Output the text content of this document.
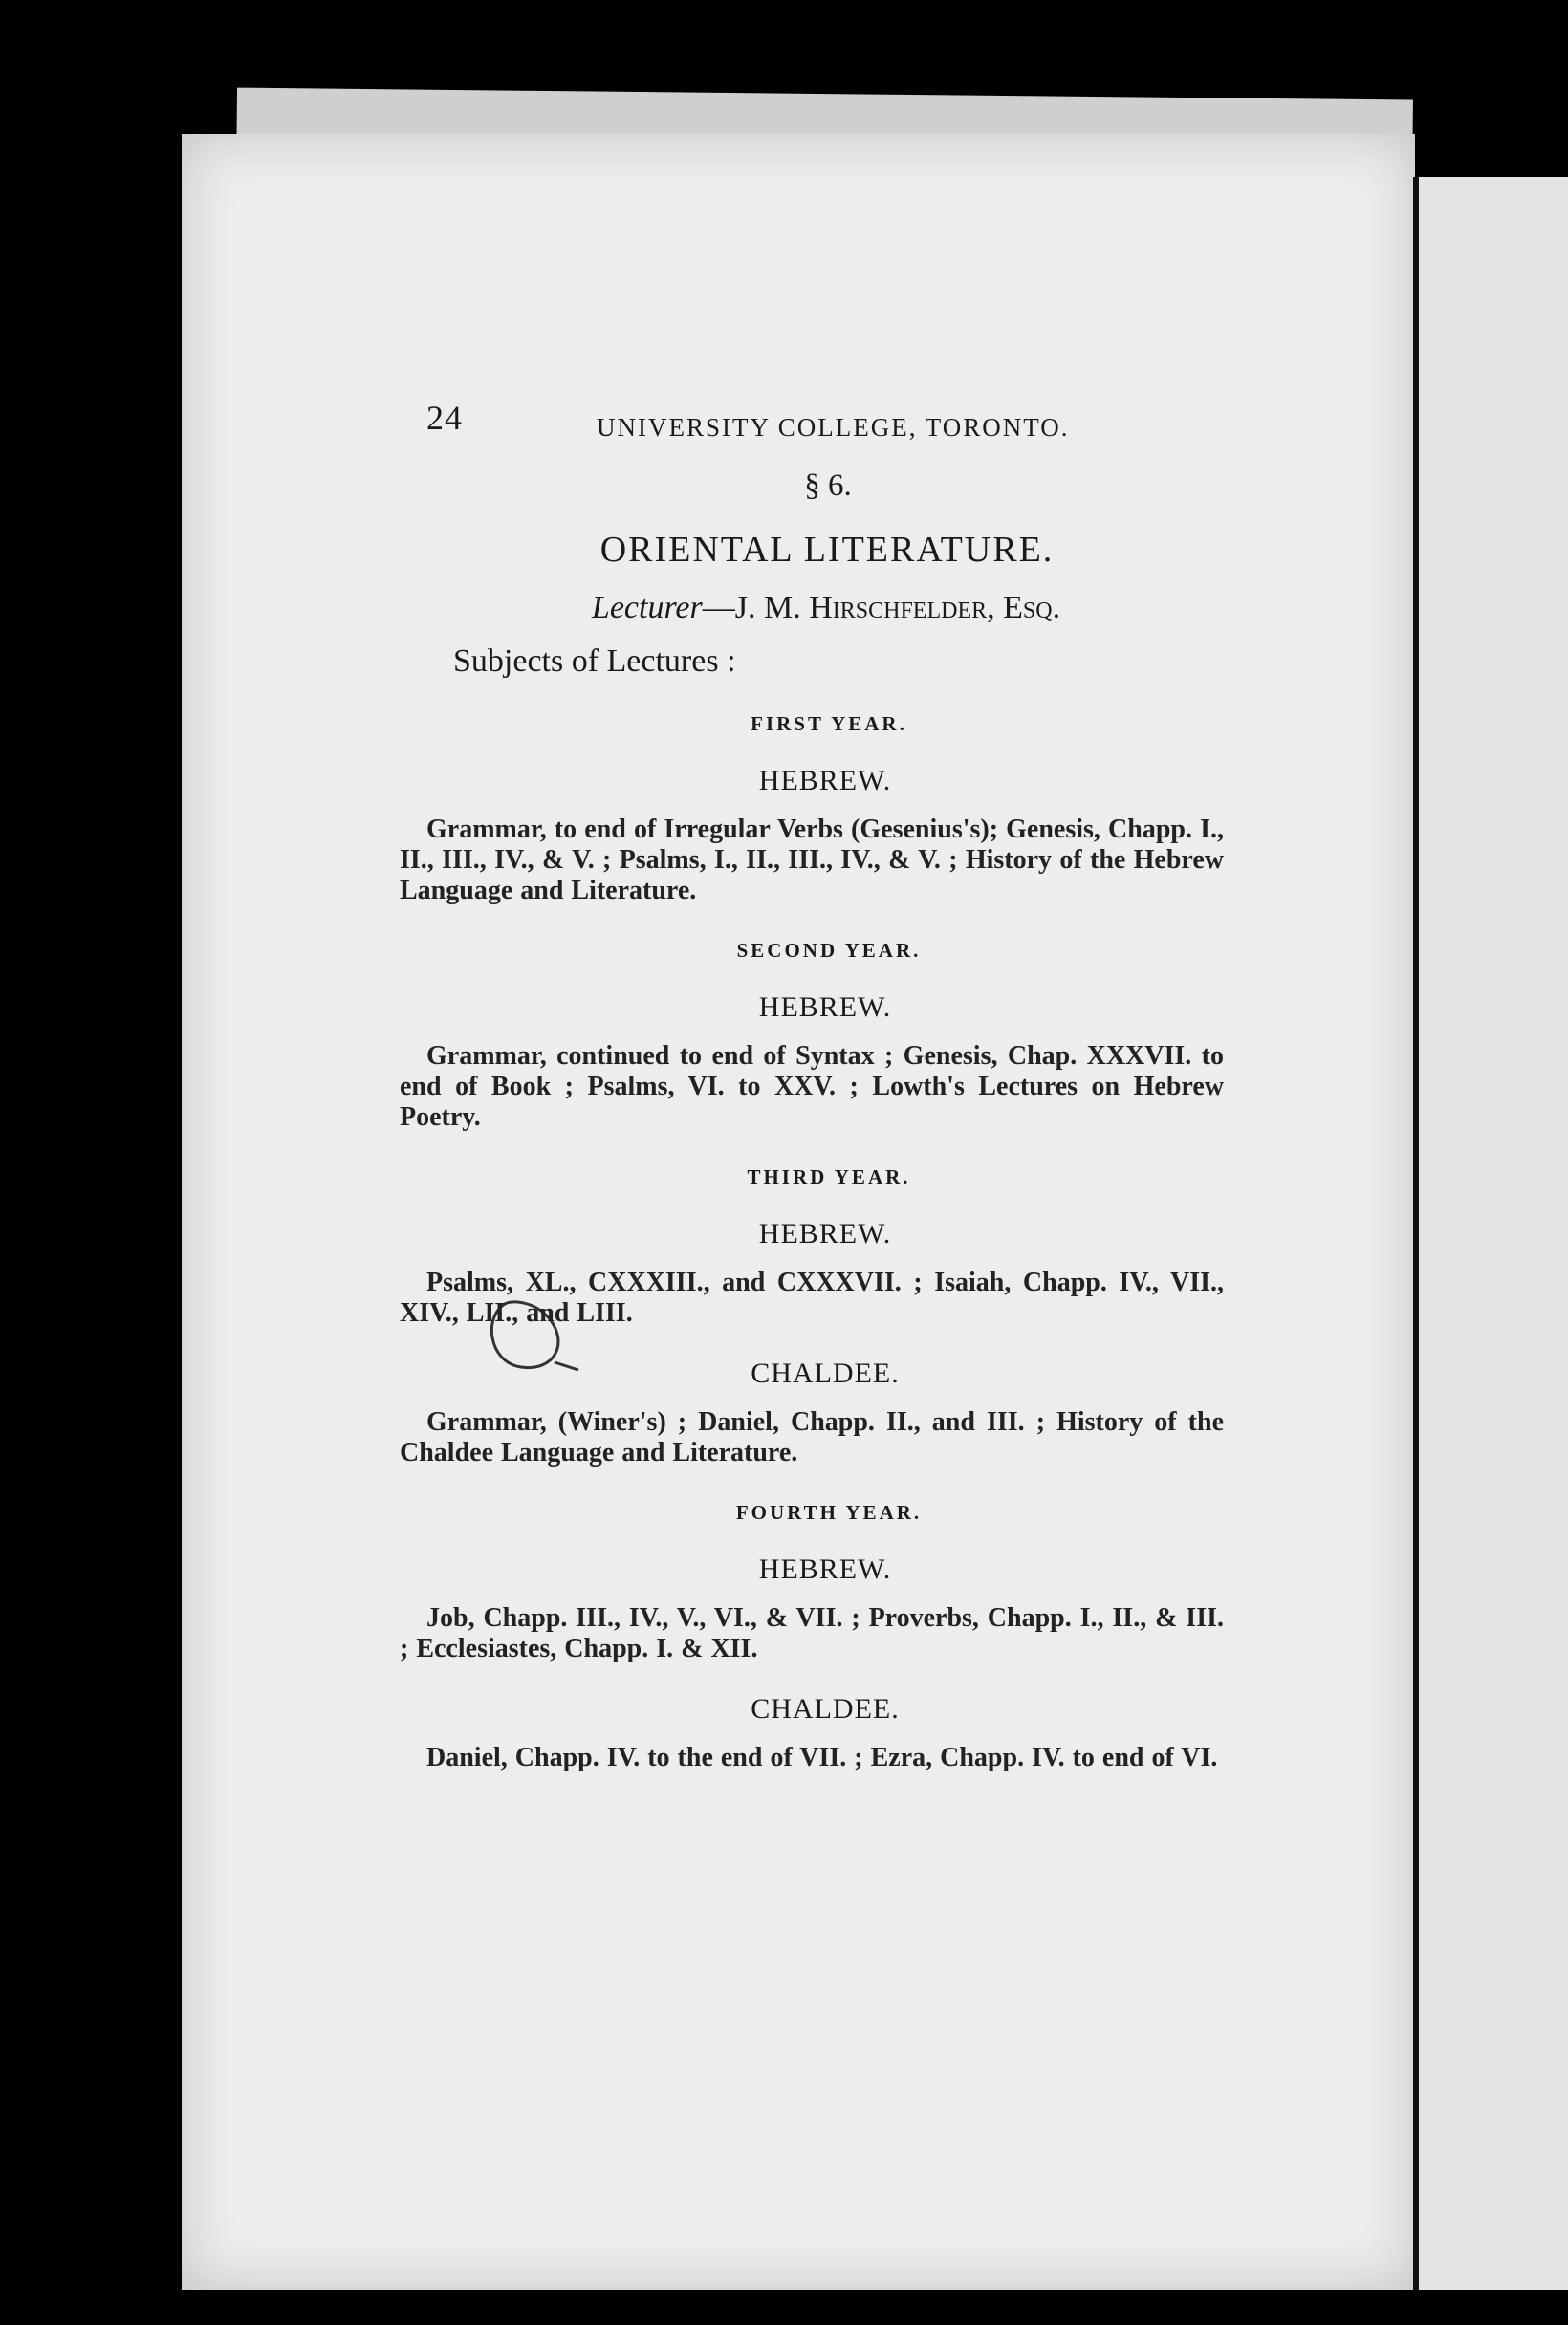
24	UNIVERSITY COLLEGE, TORONTO.
§ 6.
ORIENTAL LITERATURE.
Lecturer—J. M. Hirschfelder, Esq.
Subjects of Lectures :
FIRST YEAR.
HEBREW.

Grammar, to end of Irregular Verbs (Gesenius's); Genesis, Chapp. I., II., III., IV., & V. ; Psalms, I., II., III., IV., & V. ; History of the Hebrew Language and Literature.

SECOND YEAR.
HEBREW.

Grammar, continued to end of Syntax ; Genesis, Chap. XXXVII. to end of Book ; Psalms, VI. to XXV. ; Lowth's Lectures on Hebrew Poetry.

THIRD YEAR.
HEBREW.

Psalms, XL., CXXXIII., and CXXXVII. ; Isaiah, Chapp. IV., VII., XIV., LII., and LIII.

CHALDEE.

Grammar, (Winer's) ; Daniel, Chapp. II., and III. ; History of the Chaldee Language and Literature.

FOURTH YEAR.
HEBREW.

Job, Chapp. III., IV., V., VI., & VII. ; Proverbs, Chapp. I., II., & III. ; Ecclesiastes, Chapp. I. & XII.

CHALDEE.

Daniel, Chapp. IV. to the end of VII. ; Ezra, Chapp. IV. to end of VI.
